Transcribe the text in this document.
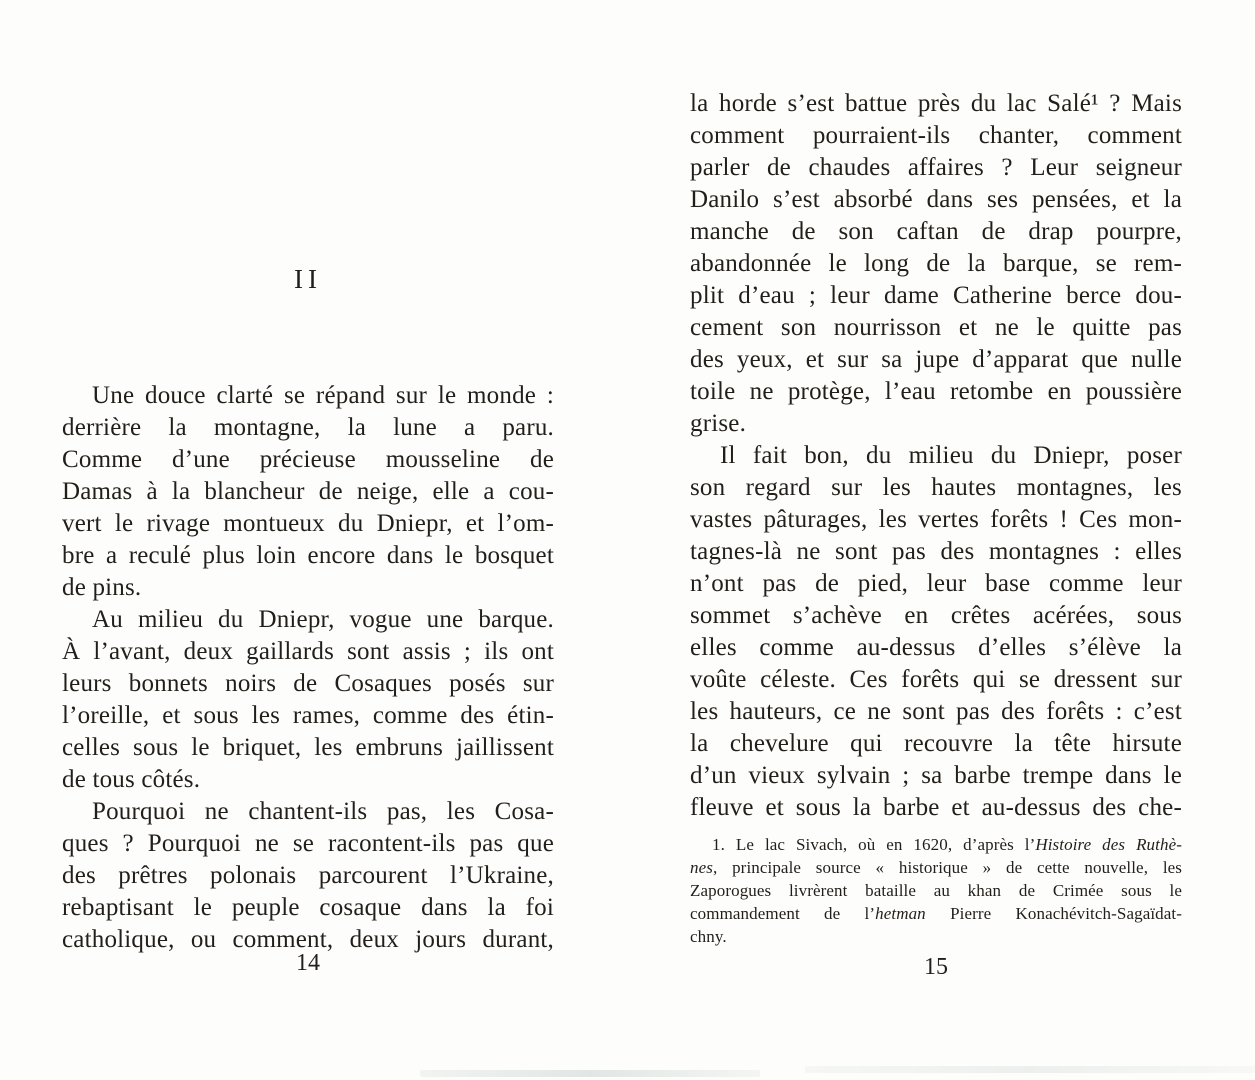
II
Une douce clarté se répand sur le monde :
derrière la montagne, la lune a paru.
Comme d’une précieuse mousseline de
Damas à la blancheur de neige, elle a cou-
vert le rivage montueux du Dniepr, et l’om-
bre a reculé plus loin encore dans le bosquet
de pins.
Au milieu du Dniepr, vogue une barque.
À l’avant, deux gaillards sont assis ; ils ont
leurs bonnets noirs de Cosaques posés sur
l’oreille, et sous les rames, comme des étin-
celles sous le briquet, les embruns jaillissent
de tous côtés.
Pourquoi ne chantent-ils pas, les Cosa-
ques ? Pourquoi ne se racontent-ils pas que
des prêtres polonais parcourent l’Ukraine,
rebaptisant le peuple cosaque dans la foi
catholique, ou comment, deux jours durant,
14
la horde s’est battue près du lac Salé¹ ? Mais
comment pourraient-ils chanter, comment
parler de chaudes affaires ? Leur seigneur
Danilo s’est absorbé dans ses pensées, et la
manche de son caftan de drap pourpre,
abandonnée le long de la barque, se rem-
plit d’eau ; leur dame Catherine berce dou-
cement son nourrisson et ne le quitte pas
des yeux, et sur sa jupe d’apparat que nulle
toile ne protège, l’eau retombe en poussière
grise.
Il fait bon, du milieu du Dniepr, poser
son regard sur les hautes montagnes, les
vastes pâturages, les vertes forêts ! Ces mon-
tagnes-là ne sont pas des montagnes : elles
n’ont pas de pied, leur base comme leur
sommet s’achève en crêtes acérées, sous
elles comme au-dessus d’elles s’élève la
voûte céleste. Ces forêts qui se dressent sur
les hauteurs, ce ne sont pas des forêts : c’est
la chevelure qui recouvre la tête hirsute
d’un vieux sylvain ; sa barbe trempe dans le
fleuve et sous la barbe et au-dessus des che-
1. Le lac Sivach, où en 1620, d’après l’Histoire des Ruthè-
nes, principale source « historique » de cette nouvelle, les
Zaporogues livrèrent bataille au khan de Crimée sous le
commandement de l’hetman Pierre Konachévitch-Sagaïdat-
chny.
15
